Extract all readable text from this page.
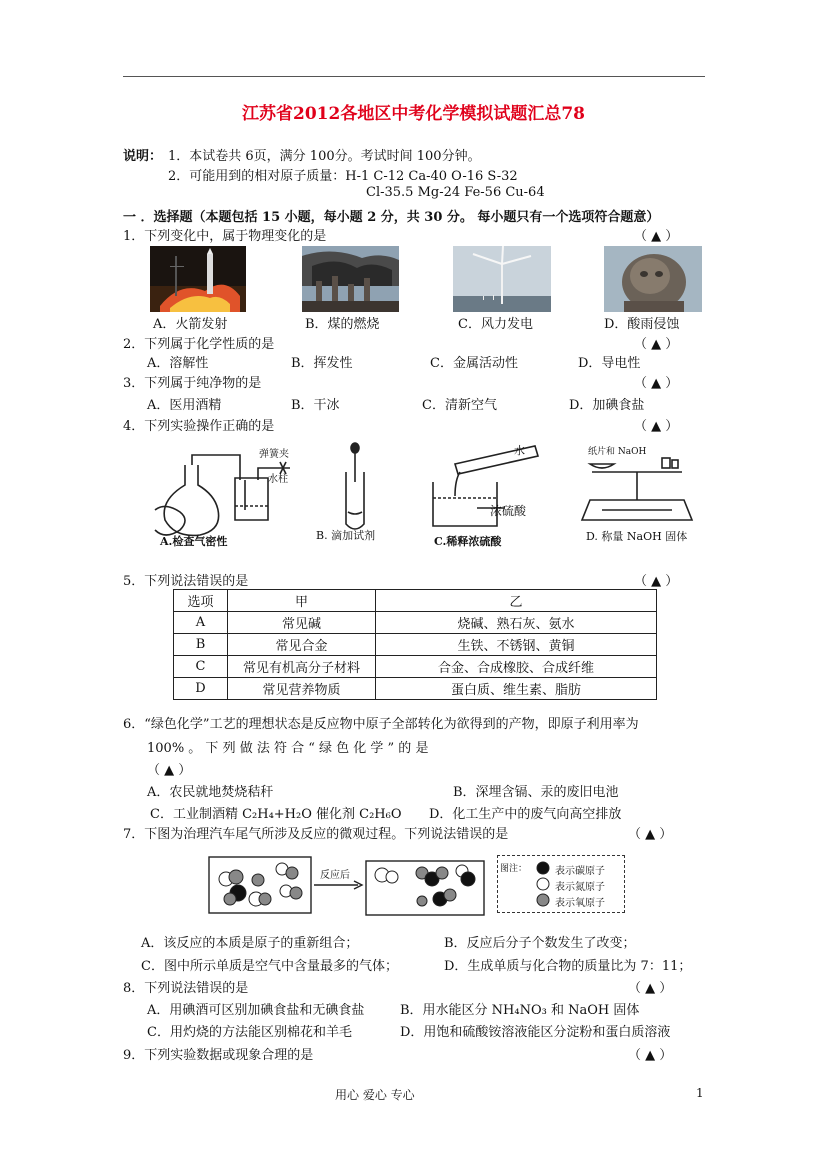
江苏省2012各地区中考化学模拟试题汇总78
说明： 1．本试卷共 6页，满分 100分。考试时间 100分钟。
2．可能用到的相对原子质量：H-1 C-12 Ca-40 O-16 S-32
Cl-35.5 Mg-24 Fe-56 Cu-64
一 ．选择题（本题包括 15 小题，每小题 2 分，共 30 分。 每小题只有一个选项符合题意）
1．下列变化中，属于物理变化的是	（ ▲ ）
A．火箭发射	B．煤的燃烧	C．风力发电	D．酸雨侵蚀
2．下列属于化学性质的是	（ ▲ ）
A．溶解性	B．挥发性	C．金属活动性	D．导电性
3．下列属于纯净物的是	（ ▲ ）
A．医用酒精	B．干冰	C．清新空气	D．加碘食盐
4．下列实验操作正确的是	（ ▲ ）
弹簧夹
水柱
A.检查气密性	B. 滴加试剂
水
浓硫酸
C.稀释浓硫酸
纸片和 NaOH
D. 称量 NaOH 固体
5．下列说法错误的是	（ ▲ ）
选项	甲	乙
A	常见碱	烧碱、熟石灰、氨水
B	常见合金	生铁、不锈钢、黄铜
C	常见有机高分子材料	合金、合成橡胶、合成纤维
D	常见营养物质	蛋白质、维生素、脂肪
6．“绿色化学”工艺的理想状态是反应物中原子全部转化为欲得到的产物，即原子利用率为
100% 。 下 列 做 法 符 合 “ 绿 色 化 学 ” 的 是
（ ▲ ）
A．农民就地焚烧秸秆	B．深埋含镉、汞的废旧电池
C．工业制酒精 C₂H₄+H₂O 催化剂 C₂H₆O D．化工生产中的废气向高空排放
7．下图为治理汽车尾气所涉及反应的微观过程。下列说法错误的是	（ ▲ ）
反应后
图注：	表示碳原子
表示氮原子
表示氧原子
A．该反应的本质是原子的重新组合；	B．反应后分子个数发生了改变；
C．图中所示单质是空气中含量最多的气体；	D．生成单质与化合物的质量比为 7：11；
8．下列说法错误的是	（ ▲ ）
A．用碘酒可区别加碘食盐和无碘食盐	B．用水能区分 NH₄NO₃ 和 NaOH 固体
C．用灼烧的方法能区别棉花和羊毛	D．用饱和硫酸铵溶液能区分淀粉和蛋白质溶液
9．下列实验数据或现象合理的是	（ ▲ ）
用心 爱心 专心	1
